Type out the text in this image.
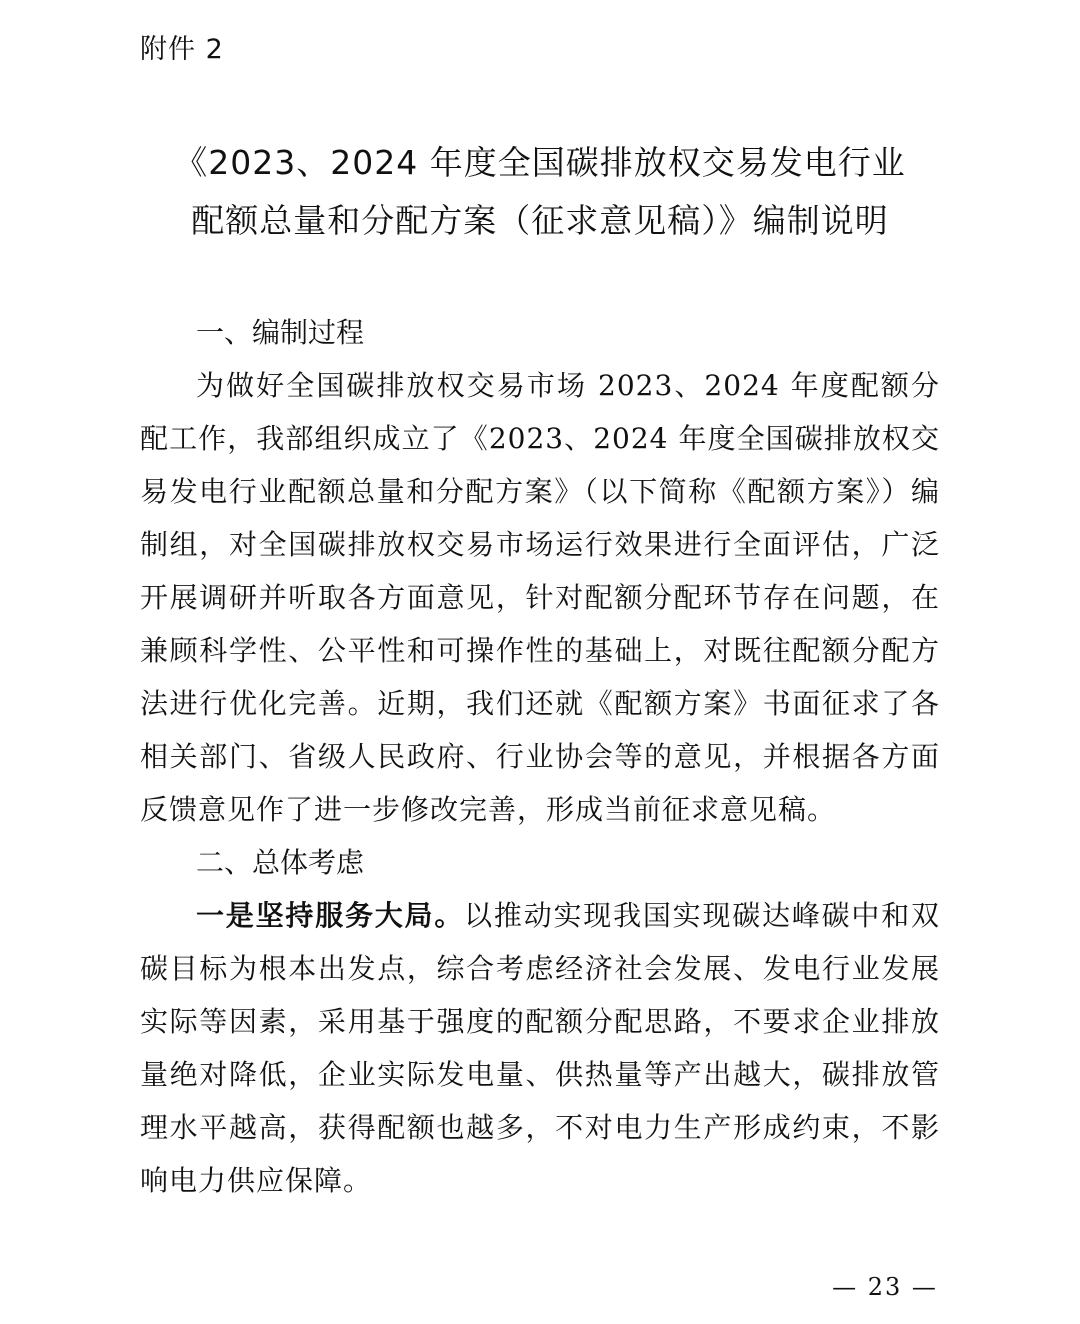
附件 2
《2023、2024 年度全国碳排放权交易发电行业
配额总量和分配方案（征求意见稿）》编制说明
一、编制过程

为做好全国碳排放权交易市场 2023、2024 年度配额分配工作，我部组织成立了《2023、2024 年度全国碳排放权交易发电行业配额总量和分配方案》（以下简称《配额方案》）编制组，对全国碳排放权交易市场运行效果进行全面评估，广泛开展调研并听取各方面意见，针对配额分配环节存在问题，在兼顾科学性、公平性和可操作性的基础上，对既往配额分配方法进行优化完善。近期，我们还就《配额方案》书面征求了各相关部门、省级人民政府、行业协会等的意见，并根据各方面反馈意见作了进一步修改完善，形成当前征求意见稿。

二、总体考虑

一是坚持服务大局。以推动实现我国实现碳达峰碳中和双碳目标为根本出发点，综合考虑经济社会发展、发电行业发展实际等因素，采用基于强度的配额分配思路，不要求企业排放量绝对降低，企业实际发电量、供热量等产出越大，碳排放管理水平越高，获得配额也越多，不对电力生产形成约束，不影响电力供应保障。

— 23 —
